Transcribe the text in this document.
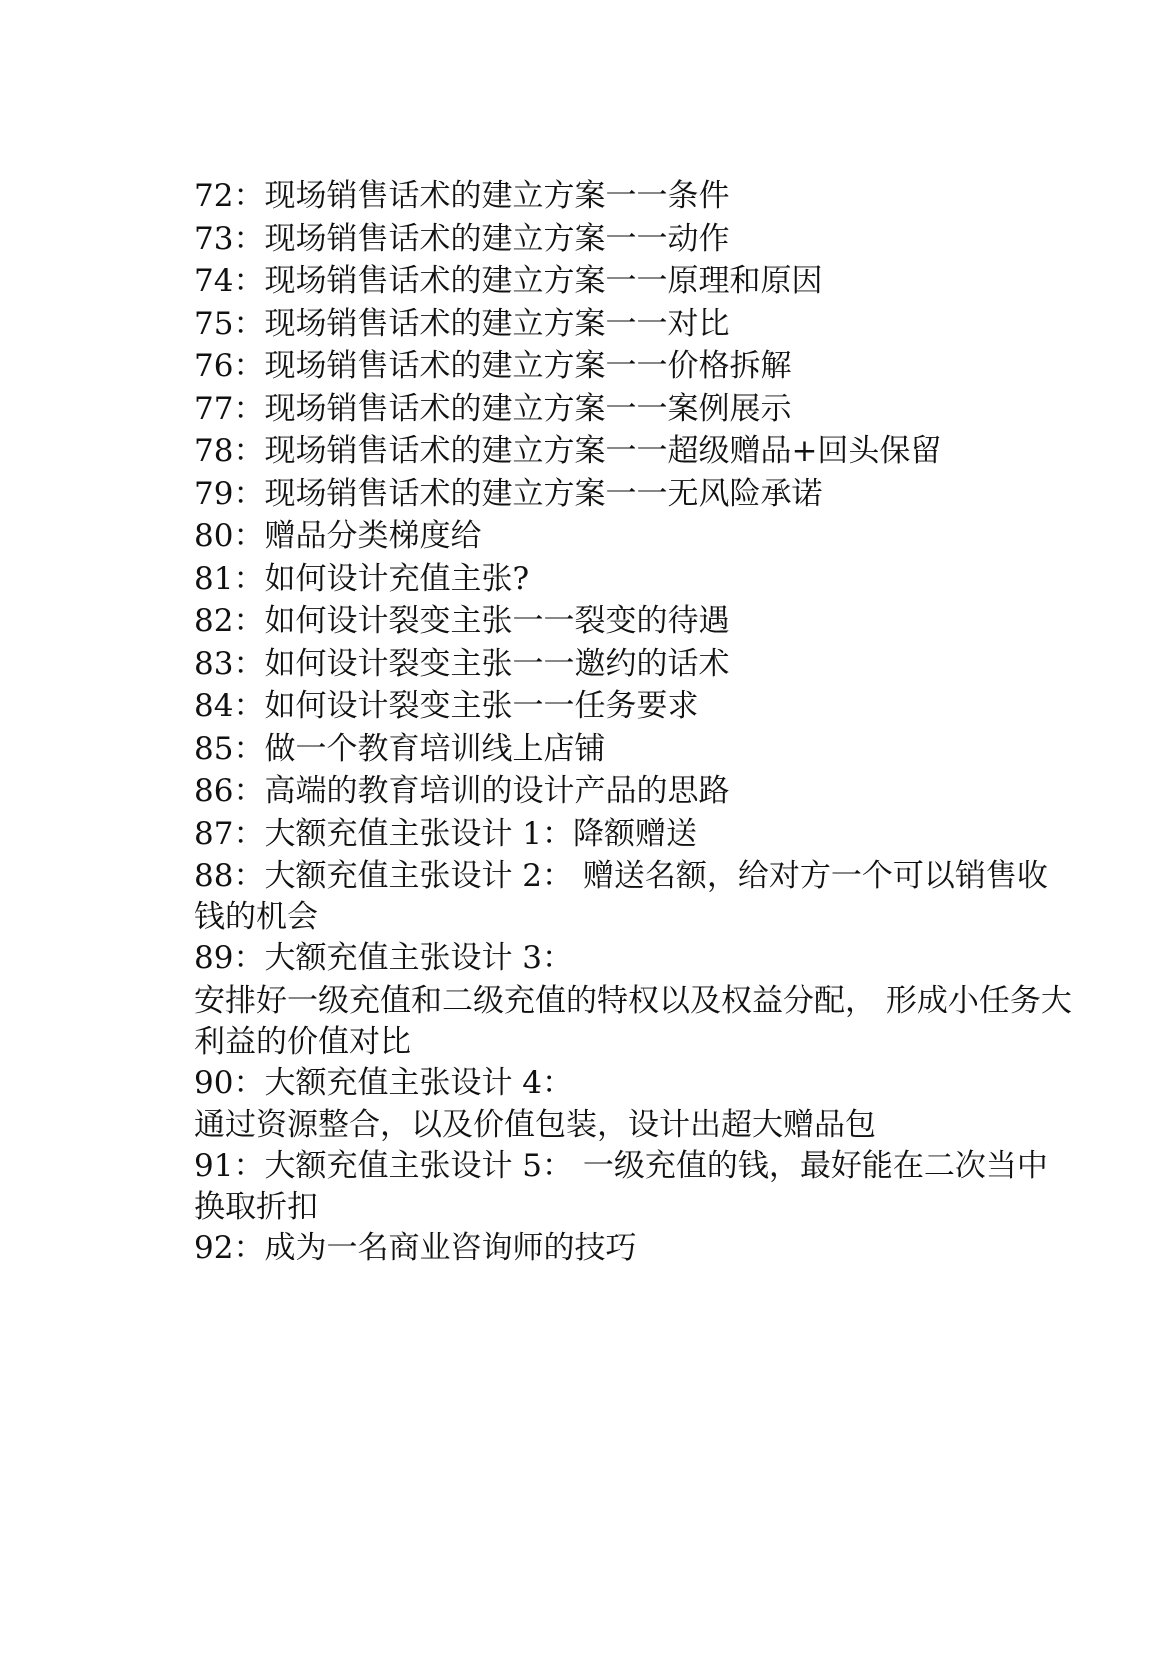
72：现场销售话术的建立方案一一条件

73：现场销售话术的建立方案一一动作

74：现场销售话术的建立方案一一原理和原因

75：现场销售话术的建立方案一一对比

76：现场销售话术的建立方案一一价格拆解

77：现场销售话术的建立方案一一案例展示

78：现场销售话术的建立方案一一超级赠品+回头保留

79：现场销售话术的建立方案一一无风险承诺

80：赠品分类梯度给

81：如何设计充值主张?

82：如何设计裂变主张一一裂变的待遇

83：如何设计裂变主张一一邀约的话术

84：如何设计裂变主张一一任务要求

85：做一个教育培训线上店铺

86：高端的教育培训的设计产品的思路

87：大额充值主张设计 1：降额赠送

88：大额充值主张设计 2： 赠送名额，给对方一个可以销售收钱的机会

89：大额充值主张设计 3：

安排好一级充值和二级充值的特权以及权益分配， 形成小任务大利益的价值对比

90：大额充值主张设计 4：

通过资源整合，以及价值包装，设计出超大赠品包

91：大额充值主张设计 5： 一级充值的钱，最好能在二次当中换取折扣

92：成为一名商业咨询师的技巧
